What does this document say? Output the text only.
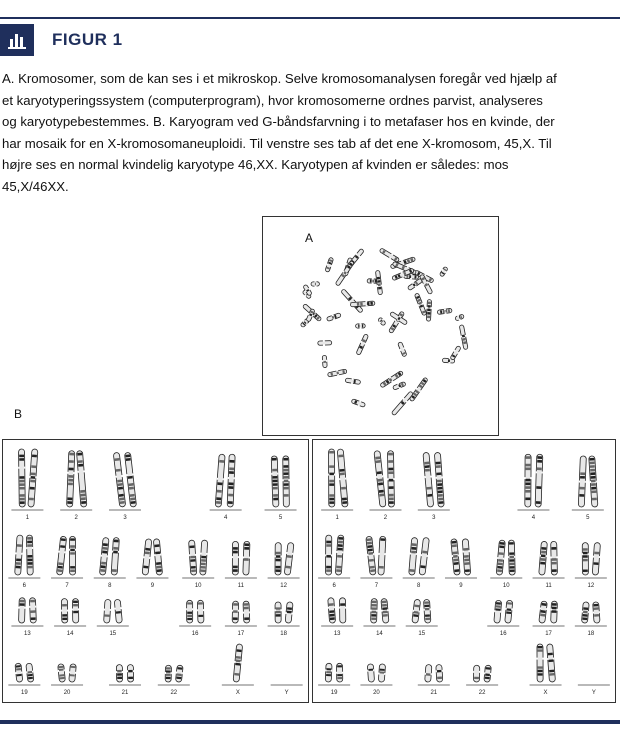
FIGUR 1
A. Kromosomer, som de kan ses i et mikroskop. Selve kromosomanalysen foregår ved hjælp af
et karyotyperingssystem (computerprogram), hvor kromosomerne ordnes parvist, analyseres
og karyotypebestemmes. B. Karyogram ved G-båndsfarvning i to metafaser hos en kvinde, der
har mosaik for en X-kromosomaneuploidi. Til venstre ses tab af det ene X-kromosom, 45,X. Til
højre ses en normal kvindelig karyotype 46,XX. Karyotypen af kvinden er således: mos
45,X/46XX.
A
B
1	2	3	4	5
6	7	8	9	10	11	12
13	14	15	16	17	18
19	20	21	22	X	Y
1	2	3	4	5
6	7	8	9	10	11	12
13	14	15	16	17	18
19	20	21	22	X	Y
